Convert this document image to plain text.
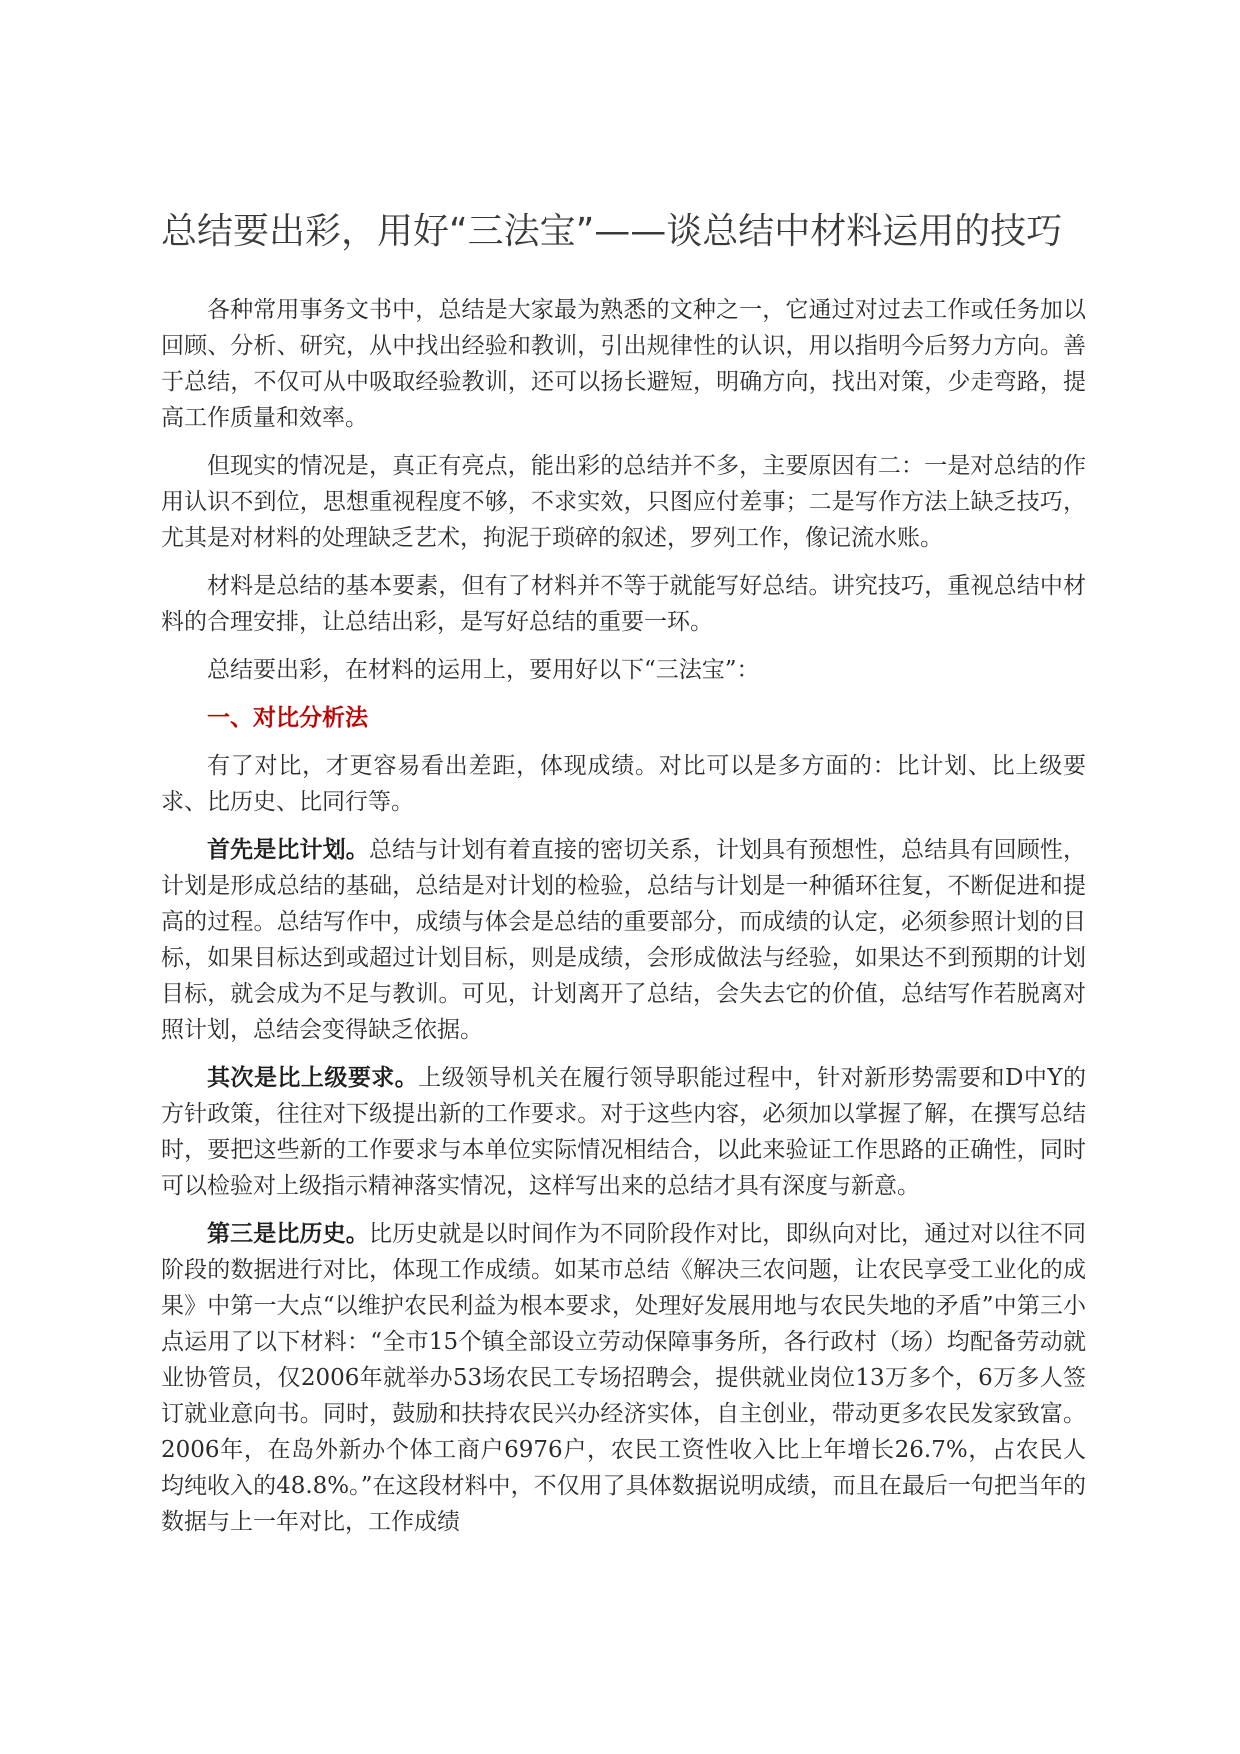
总结要出彩，用好“三法宝”——谈总结中材料运用的技巧

各种常用事务文书中，总结是大家最为熟悉的文种之一，它通过对过去工作或任务加以回顾、分析、研究，从中找出经验和教训，引出规律性的认识，用以指明今后努力方向。善于总结，不仅可从中吸取经验教训，还可以扬长避短，明确方向，找出对策，少走弯路，提高工作质量和效率。

但现实的情况是，真正有亮点，能出彩的总结并不多，主要原因有二：一是对总结的作用认识不到位，思想重视程度不够，不求实效，只图应付差事；二是写作方法上缺乏技巧，尤其是对材料的处理缺乏艺术，拘泥于琐碎的叙述，罗列工作，像记流水账。

材料是总结的基本要素，但有了材料并不等于就能写好总结。讲究技巧，重视总结中材料的合理安排，让总结出彩，是写好总结的重要一环。

总结要出彩，在材料的运用上，要用好以下“三法宝”：

一、对比分析法

有了对比，才更容易看出差距，体现成绩。对比可以是多方面的：比计划、比上级要求、比历史、比同行等。

首先是比计划。总结与计划有着直接的密切关系，计划具有预想性，总结具有回顾性，计划是形成总结的基础，总结是对计划的检验，总结与计划是一种循环往复，不断促进和提高的过程。总结写作中，成绩与体会是总结的重要部分，而成绩的认定，必须参照计划的目标，如果目标达到或超过计划目标，则是成绩，会形成做法与经验，如果达不到预期的计划目标，就会成为不足与教训。可见，计划离开了总结，会失去它的价值，总结写作若脱离对照计划，总结会变得缺乏依据。

其次是比上级要求。上级领导机关在履行领导职能过程中，针对新形势需要和D中Y的方针政策，往往对下级提出新的工作要求。对于这些内容，必须加以掌握了解，在撰写总结时，要把这些新的工作要求与本单位实际情况相结合，以此来验证工作思路的正确性，同时可以检验对上级指示精神落实情况，这样写出来的总结才具有深度与新意。

第三是比历史。比历史就是以时间作为不同阶段作对比，即纵向对比，通过对以往不同阶段的数据进行对比，体现工作成绩。如某市总结《解决三农问题，让农民享受工业化的成果》中第一大点“以维护农民利益为根本要求，处理好发展用地与农民失地的矛盾”中第三小点运用了以下材料：“全市15个镇全部设立劳动保障事务所，各行政村（场）均配备劳动就业协管员，仅2006年就举办53场农民工专场招聘会，提供就业岗位13万多个，6万多人签订就业意向书。同时，鼓励和扶持农民兴办经济实体，自主创业，带动更多农民发家致富。2006年，在岛外新办个体工商户6976户，农民工资性收入比上年增长26.7%，占农民人均纯收入的48.8%。”在这段材料中，不仅用了具体数据说明成绩，而且在最后一句把当年的数据与上一年对比，工作成绩
